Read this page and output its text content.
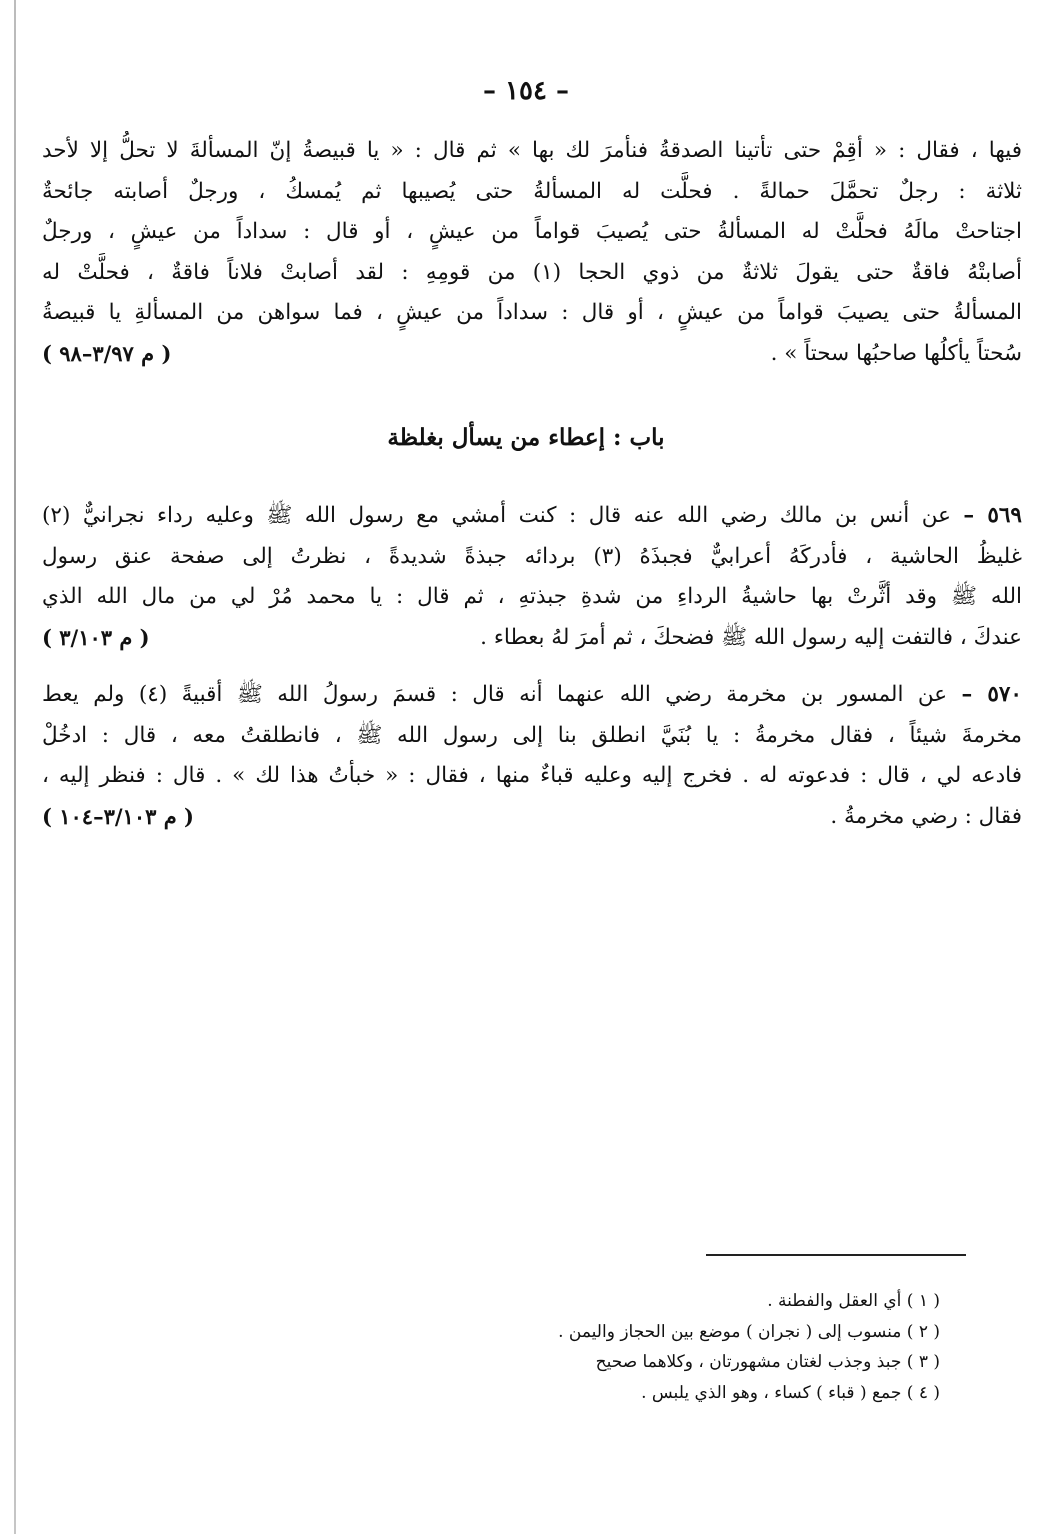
– ١٥٤ –
فيها ، فقال : « أقِمْ حتى تأتينا الصدقةُ فنأمرَ لك بها » ثم قال : « يا قبيصةُ إنّ المسألةَ لا تحلُّ إلا لأحد
ثلاثة : رجلٌ تحمَّلَ حمالةً . فحلَّت له المسألةُ حتى يُصيبها ثم يُمسكُ ، ورجلٌ أصابته جائحةٌ
اجتاحتْ مالَهُ فحلَّتْ له المسألةُ حتى يُصيبَ قواماً من عيشٍ ، أو قال : سداداً من عيشٍ ، ورجلٌ
أصابتْهُ فاقةٌ حتى يقولَ ثلاثةٌ من ذوي الحجا (١) من قومِهِ : لقد أصابتْ فلاناً فاقةٌ ، فحلَّتْ له
المسألةُ حتى يصيبَ قواماً من عيشٍ ، أو قال : سداداً من عيشٍ ، فما سواهن من المسألةِ يا قبيصةُ
سُحتاً يأكلُها صاحبُها سحتاً » .
( م ٣/٩٧–٩٨ )
باب : إعطاء من يسأل بغلظة
٥٦٩ – عن أنس بن مالك رضي الله عنه قال : كنت أمشي مع رسول الله ﷺ وعليه رداء نجرانيٌّ (٢)
غليظُ الحاشية ، فأدركَهُ أعرابيٌّ فجبذَهُ (٣) بردائه جبذةً شديدةً ، نظرتُ إلى صفحة عنق رسول
الله ﷺ وقد أثَّرتْ بها حاشيةُ الرداءِ من شدةِ جبذتهِ ، ثم قال : يا محمد مُرْ لي من مال الله الذي
عندكَ ، فالتفت إليه رسول الله ﷺ فضحكَ ، ثم أمرَ لهُ بعطاء .
( م ٣/١٠٣ )
٥٧٠ – عن المسور بن مخرمة رضي الله عنهما أنه قال : قسمَ رسولُ الله ﷺ أقبيةً (٤) ولم يعط
مخرمةَ شيئاً ، فقال مخرمةُ : يا بُنَيَّ انطلق بنا إلى رسول الله ﷺ ، فانطلقتُ معه ، قال : ادخُلْ
فادعه لي ، قال : فدعوته له . فخرج إليه وعليه قباءٌ منها ، فقال : « خبأتُ هذا لك » . قال : فنظر إليه ،
فقال : رضي مخرمةُ .
( م ٣/١٠٣–١٠٤ )
( ١ ) أي العقل والفطنة .
( ٢ ) منسوب إلى ( نجران ) موضع بين الحجاز واليمن .
( ٣ ) جبذ وجذب لغتان مشهورتان ، وكلاهما صحيح
( ٤ ) جمع ( قباء ) كساء ، وهو الذي يلبس .
